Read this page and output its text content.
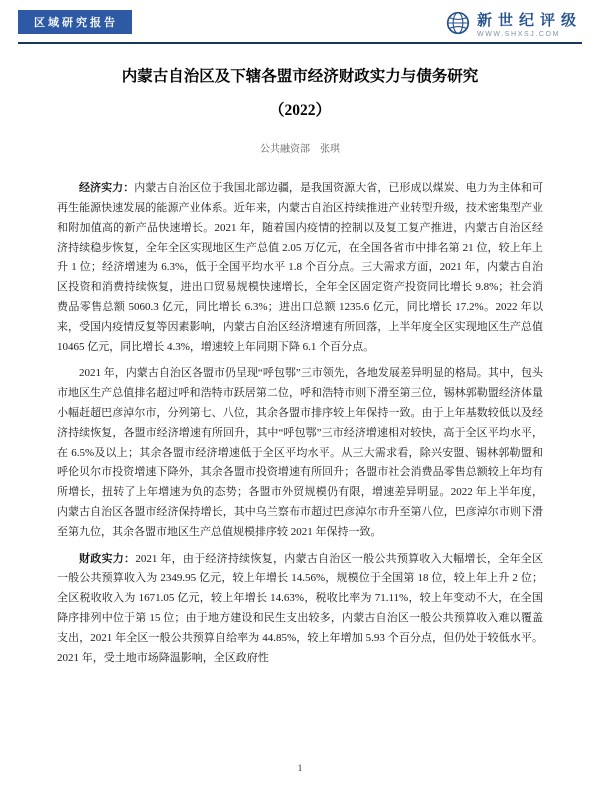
区域研究报告	新世纪评级
WWW.SHXSJ.COM
内蒙古自治区及下辖各盟市经济财政实力与债务研究
（2022）

公共融资部　张琪

经济实力：内蒙古自治区位于我国北部边疆，是我国资源大省，已形成以煤炭、电力为主体和可再生能源快速发展的能源产业体系。近年来，内蒙古自治区持续推进产业转型升级，技术密集型产业和附加值高的新产品快速增长。2021 年，随着国内疫情的控制以及复工复产推进，内蒙古自治区经济持续稳步恢复，全年全区实现地区生产总值 2.05 万亿元，在全国各省市中排名第 21 位，较上年上升 1 位；经济增速为 6.3%，低于全国平均水平 1.8 个百分点。三大需求方面，2021 年，内蒙古自治区投资和消费持续恢复，进出口贸易规模快速增长，全年全区固定资产投资同比增长 9.8%；社会消费品零售总额 5060.3 亿元，同比增长 6.3%；进出口总额 1235.6 亿元，同比增长 17.2%。2022 年以来，受国内疫情反复等因素影响，内蒙古自治区经济增速有所回落，上半年度全区实现地区生产总值 10465 亿元，同比增长 4.3%，增速较上年同期下降 6.1 个百分点。

2021 年，内蒙古自治区各盟市仍呈现“呼包鄂”三市领先，各地发展差异明显的格局。其中，包头市地区生产总值排名超过呼和浩特市跃居第二位，呼和浩特市则下滑至第三位，锡林郭勒盟经济体量小幅赶超巴彦淖尔市，分列第七、八位，其余各盟市排序较上年保持一致。由于上年基数较低以及经济持续恢复，各盟市经济增速有所回升，其中“呼包鄂”三市经济增速相对较快，高于全区平均水平，在 6.5%及以上；其余各盟市经济增速低于全区平均水平。从三大需求看，除兴安盟、锡林郭勒盟和呼伦贝尔市投资增速下降外，其余各盟市投资增速有所回升；各盟市社会消费品零售总额较上年均有所增长，扭转了上年增速为负的态势；各盟市外贸规模仍有限，增速差异明显。2022 年上半年度，内蒙古自治区各盟市经济保持增长，其中乌兰察布市超过巴彦淖尔市升至第八位，巴彦淖尔市则下滑至第九位，其余各盟市地区生产总值规模排序较 2021 年保持一致。

财政实力：2021 年，由于经济持续恢复，内蒙古自治区一般公共预算收入大幅增长，全年全区一般公共预算收入为 2349.95 亿元，较上年增长 14.56%，规模位于全国第 18 位，较上年上升 2 位；全区税收收入为 1671.05 亿元，较上年增长 14.63%，税收比率为 71.11%，较上年变动不大，在全国降序排列中位于第 15 位；由于地方建设和民生支出较多，内蒙古自治区一般公共预算收入难以覆盖支出，2021 年全区一般公共预算自给率为 44.85%，较上年增加 5.93 个百分点，但仍处于较低水平。2021 年，受土地市场降温影响，全区政府性

1
